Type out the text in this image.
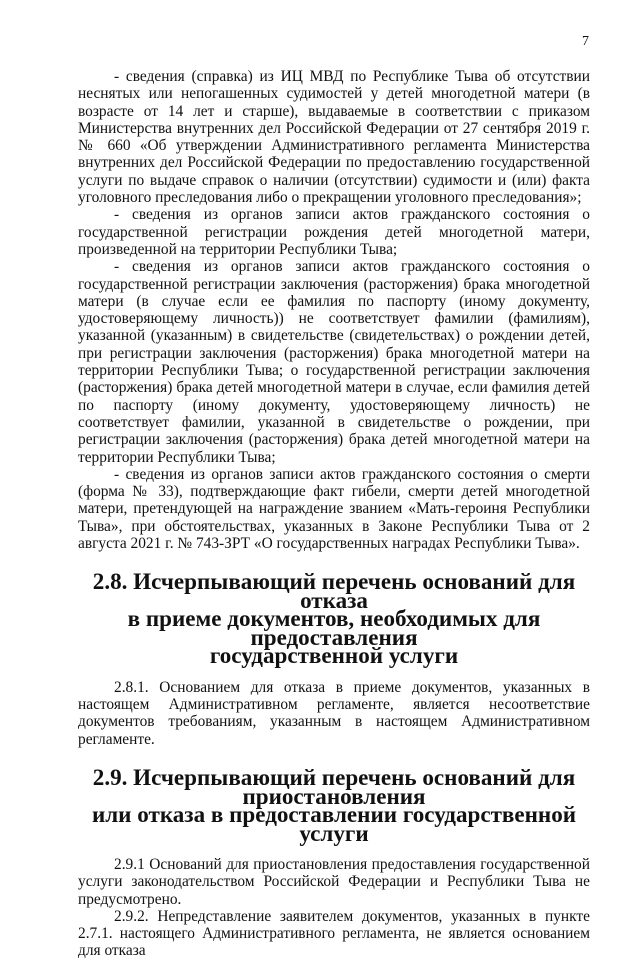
7

- сведения (справка) из ИЦ МВД по Республике Тыва об отсутствии неснятых или непогашенных судимостей у детей многодетной матери (в возрасте от 14 лет и старше), выдаваемые в соответствии с приказом Министерства внутренних дел Российской Федерации от 27 сентября 2019 г. № 660 «Об утверждении Административного регламента Министерства внутренних дел Российской Федерации по предоставлению государственной услуги по выдаче справок о наличии (отсутствии) судимости и (или) факта уголовного преследования либо о прекращении уголовного преследования»;

- сведения из органов записи актов гражданского состояния о государственной регистрации рождения детей многодетной матери, произведенной на территории Республики Тыва;

- сведения из органов записи актов гражданского состояния о государственной регистрации заключения (расторжения) брака многодетной матери (в случае если ее фамилия по паспорту (иному документу, удостоверяющему личность)) не соответствует фамилии (фамилиям), указанной (указанным) в свидетельстве (свидетельствах) о рождении детей, при регистрации заключения (расторжения) брака многодетной матери на территории Республики Тыва; о государственной регистрации заключения (расторжения) брака детей многодетной матери в случае, если фамилия детей по паспорту (иному документу, удостоверяющему личность) не соответствует фамилии, указанной в свидетельстве о рождении, при регистрации заключения (расторжения) брака детей многодетной матери на территории Республики Тыва;

- сведения из органов записи актов гражданского состояния о смерти (форма № 33), подтверждающие факт гибели, смерти детей многодетной матери, претендующей на награждение званием «Мать-героиня Республики Тыва», при обстоятельствах, указанных в Законе Республики Тыва от 2 августа 2021 г. № 743-ЗРТ «О государственных наградах Республики Тыва».

2.8. Исчерпывающий перечень оснований для отказа
в приеме документов, необходимых для предоставления
государственной услуги

2.8.1. Основанием для отказа в приеме документов, указанных в настоящем Административном регламенте, является несоответствие документов требованиям, указанным в настоящем Административном регламенте.

2.9. Исчерпывающий перечень оснований для приостановления
или отказа в предоставлении государственной услуги

2.9.1 Оснований для приостановления предоставления государственной услуги законодательством Российской Федерации и Республики Тыва не предусмотрено.

2.9.2. Непредставление заявителем документов, указанных в пункте 2.7.1. настоящего Административного регламента, не является основанием для отказа
